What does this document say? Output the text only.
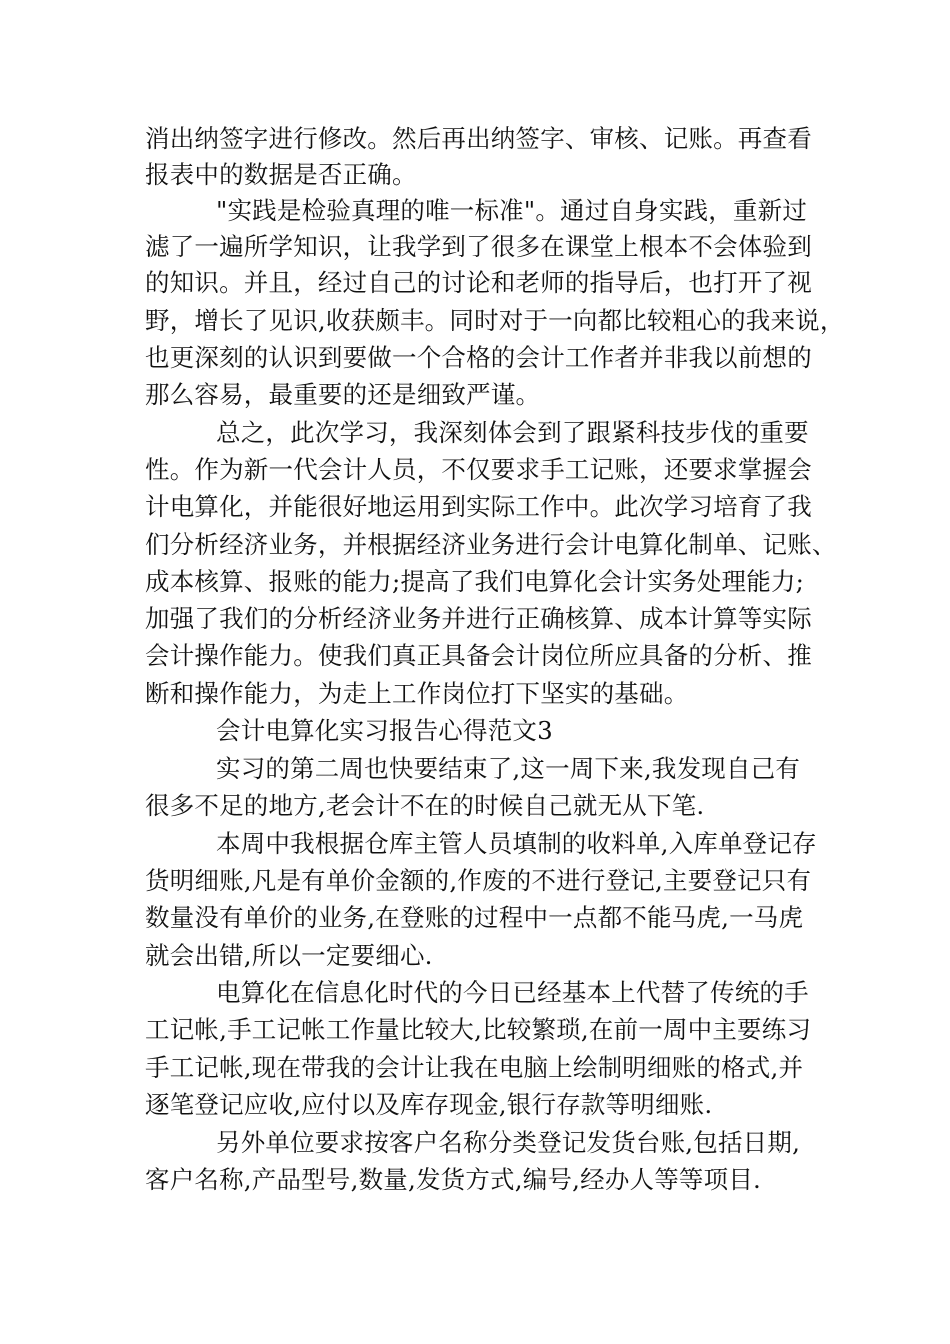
消出纳签字进行修改。然后再出纳签字、审核、记账。再查看
报表中的数据是否正确。
"实践是检验真理的唯一标准"。通过自身实践，重新过
滤了一遍所学知识，让我学到了很多在课堂上根本不会体验到
的知识。并且，经过自己的讨论和老师的指导后，也打开了视
野，增长了见识,收获颇丰。同时对于一向都比较粗心的我来说，
也更深刻的认识到要做一个合格的会计工作者并非我以前想的
那么容易，最重要的还是细致严谨。
总之，此次学习，我深刻体会到了跟紧科技步伐的重要
性。作为新一代会计人员，不仅要求手工记账，还要求掌握会
计电算化，并能很好地运用到实际工作中。此次学习培育了我
们分析经济业务，并根据经济业务进行会计电算化制单、记账、
成本核算、报账的能力;提高了我们电算化会计实务处理能力;
加强了我们的分析经济业务并进行正确核算、成本计算等实际
会计操作能力。使我们真正具备会计岗位所应具备的分析、推
断和操作能力，为走上工作岗位打下坚实的基础。
会计电算化实习报告心得范文3
实习的第二周也快要结束了,这一周下来,我发现自己有
很多不足的地方,老会计不在的时候自己就无从下笔.
本周中我根据仓库主管人员填制的收料单,入库单登记存
货明细账,凡是有单价金额的,作废的不进行登记,主要登记只有
数量没有单价的业务,在登账的过程中一点都不能马虎,一马虎
就会出错,所以一定要细心.
电算化在信息化时代的今日已经基本上代替了传统的手
工记帐,手工记帐工作量比较大,比较繁琐,在前一周中主要练习
手工记帐,现在带我的会计让我在电脑上绘制明细账的格式,并
逐笔登记应收,应付以及库存现金,银行存款等明细账.
另外单位要求按客户名称分类登记发货台账,包括日期,
客户名称,产品型号,数量,发货方式,编号,经办人等等项目.
